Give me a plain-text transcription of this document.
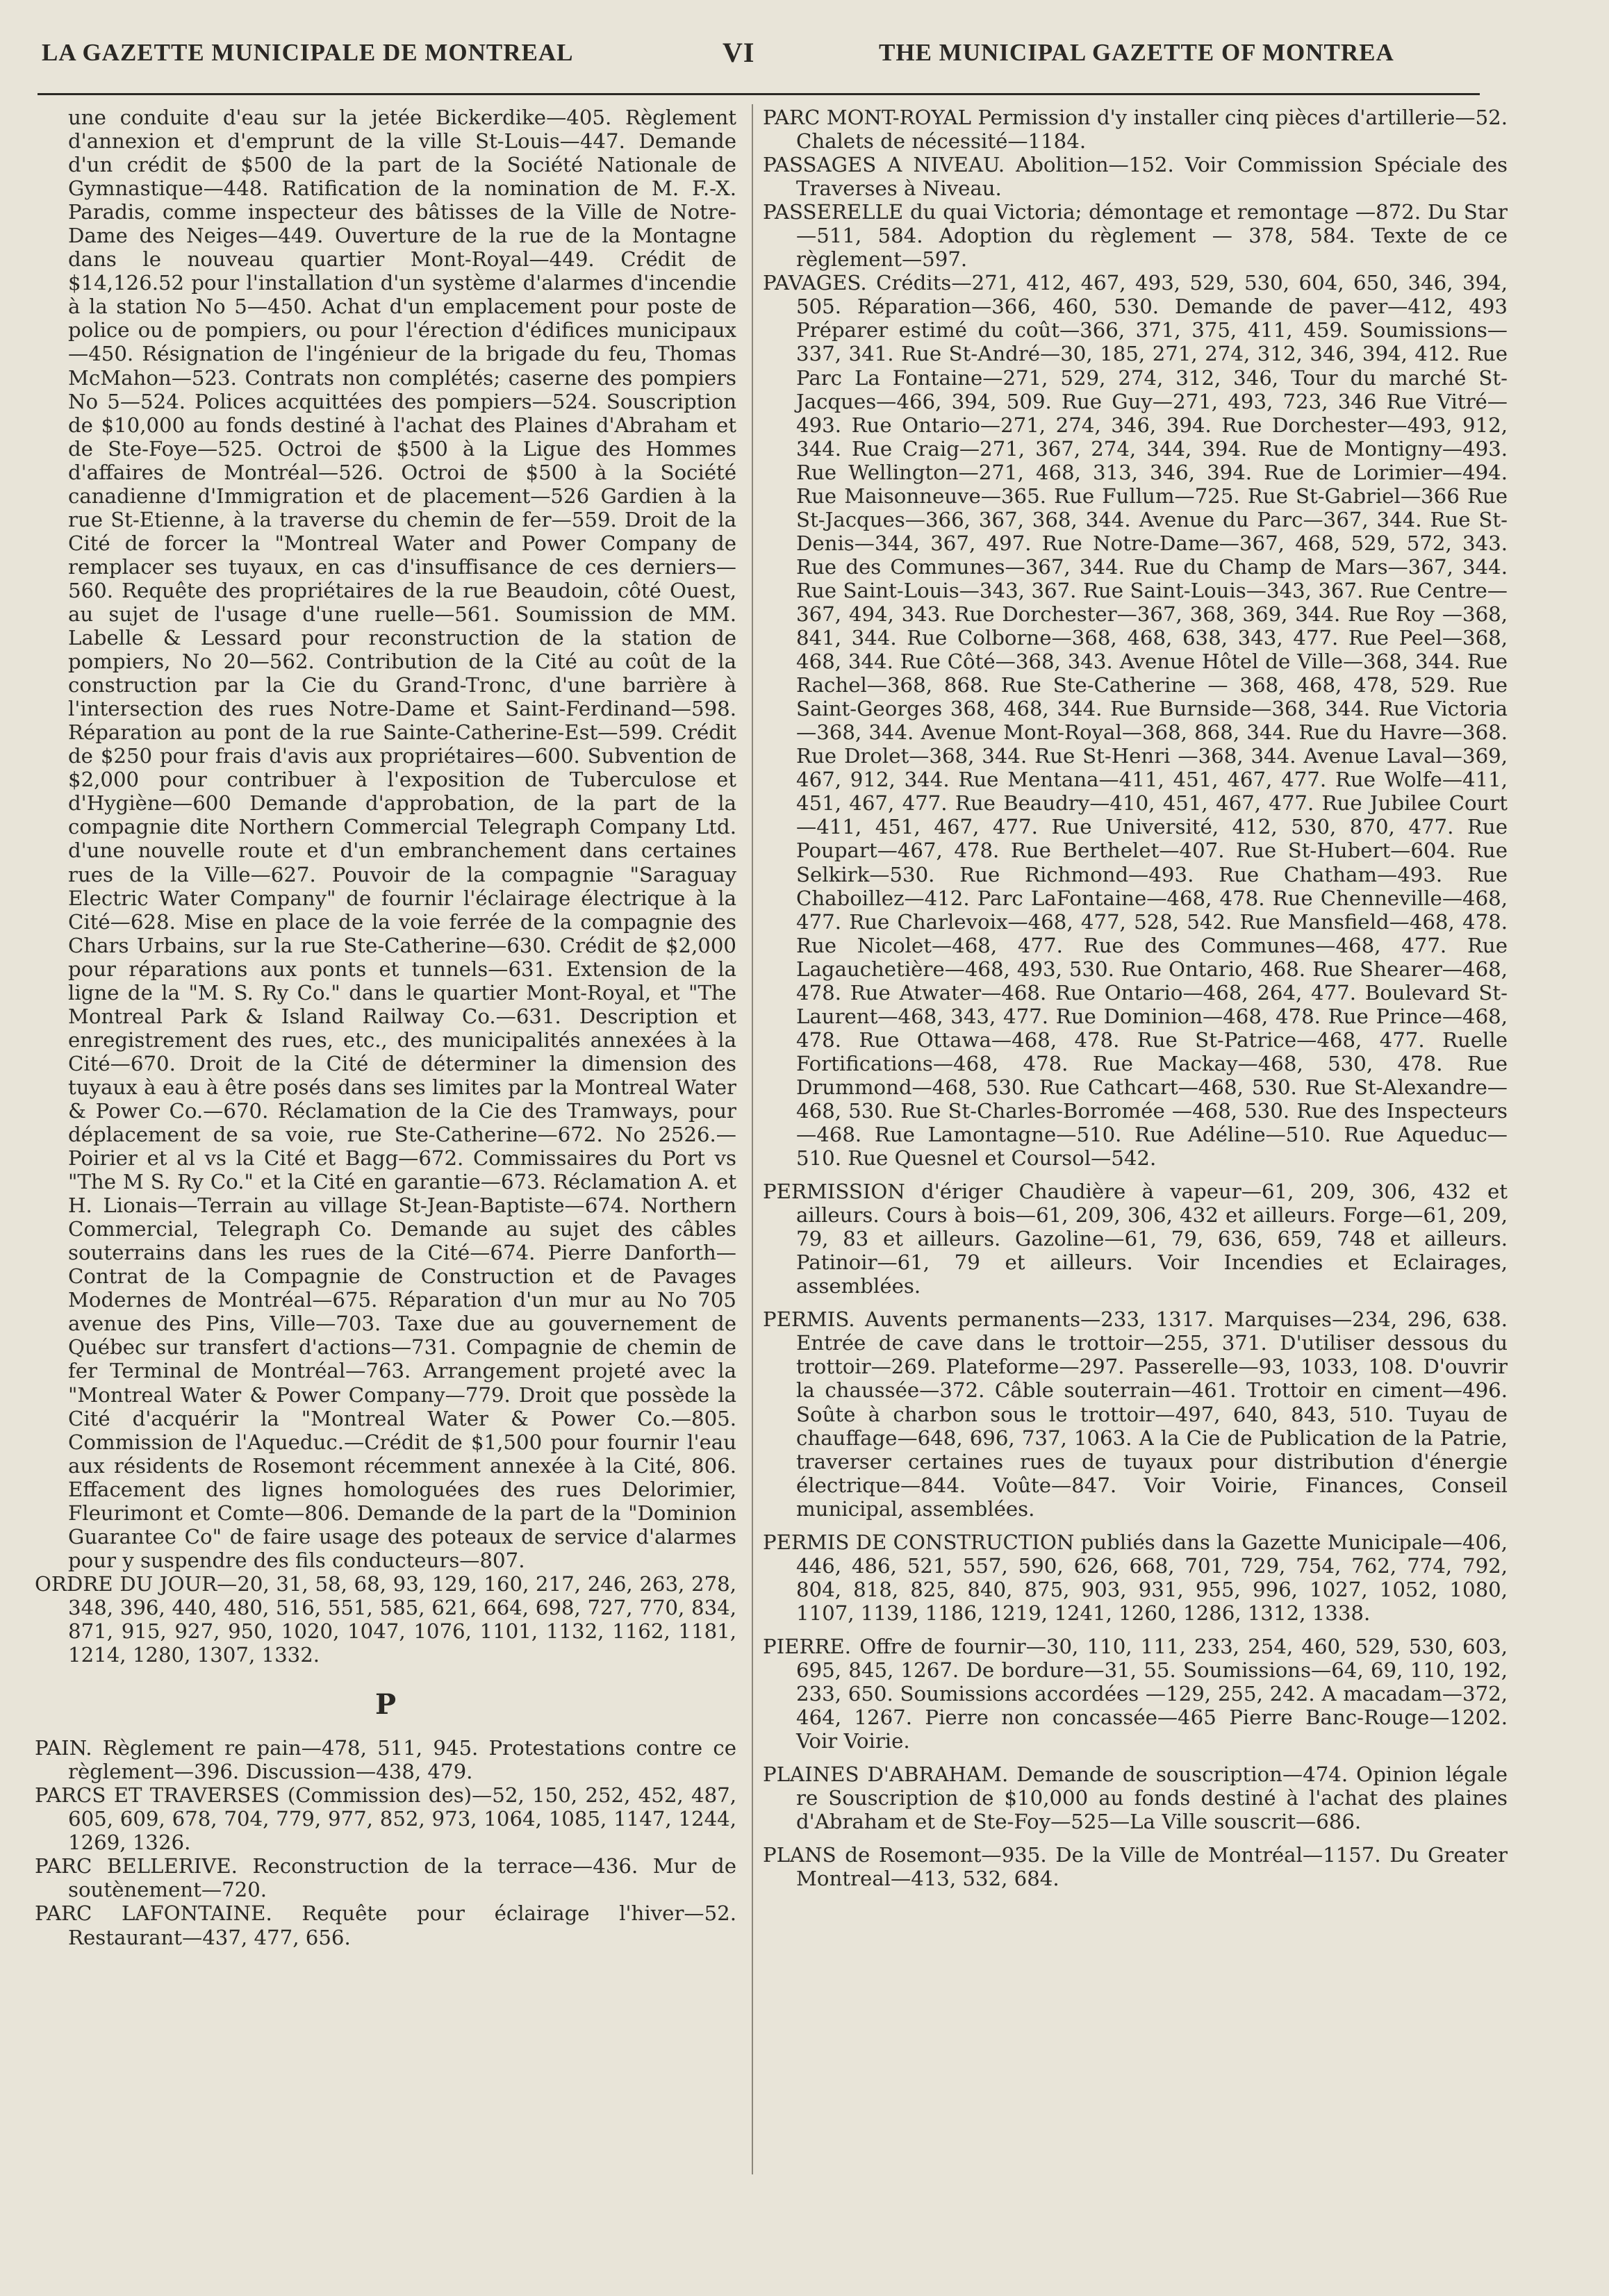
LA GAZETTE MUNICIPALE DE MONTREAL	VI	THE MUNICIPAL GAZETTE OF MONTREA

une conduite d'eau sur la jetée Bickerdike—405. Règlement d'annexion et d'emprunt de la ville St-Louis—447. Demande d'un crédit de $500 de la part de la Société Nationale de Gymnastique—448. Ratification de la nomination de M. F.-X. Paradis, comme inspecteur des bâtisses de la Ville de Notre-Dame des Neiges—449. Ouverture de la rue de la Montagne dans le nouveau quartier Mont-Royal—449. Crédit de $14,126.52 pour l'installation d'un système d'alarmes d'incendie à la station No 5—450. Achat d'un emplacement pour poste de police ou de pompiers, ou pour l'érection d'édifices municipaux—450. Résignation de l'ingénieur de la brigade du feu, Thomas McMahon—523. Contrats non complétés; caserne des pompiers No 5—524. Polices acquittées des pompiers—524. Souscription de $10,000 au fonds destiné à l'achat des Plaines d'Abraham et de Ste-Foye—525. Octroi de $500 à la Ligue des Hommes d'affaires de Montréal—526. Octroi de $500 à la Société canadienne d'Immigration et de placement—526 Gardien à la rue St-Etienne, à la traverse du chemin de fer—559. Droit de la Cité de forcer la "Montreal Water and Power Company de remplacer ses tuyaux, en cas d'insuffisance de ces derniers—560. Requête des propriétaires de la rue Beaudoin, côté Ouest, au sujet de l'usage d'une ruelle—561. Soumission de MM. Labelle & Lessard pour reconstruction de la station de pompiers, No 20—562. Contribution de la Cité au coût de la construction par la Cie du Grand-Tronc, d'une barrière à l'intersection des rues Notre-Dame et Saint-Ferdinand—598. Réparation au pont de la rue Sainte-Catherine-Est—599. Crédit de $250 pour frais d'avis aux propriétaires—600. Subvention de $2,000 pour contribuer à l'exposition de Tuberculose et d'Hygiène—600 Demande d'approbation, de la part de la compagnie dite Northern Commercial Telegraph Company Ltd. d'une nouvelle route et d'un embranchement dans certaines rues de la Ville—627. Pouvoir de la compagnie "Saraguay Electric Water Company" de fournir l'éclairage électrique à la Cité—628. Mise en place de la voie ferrée de la compagnie des Chars Urbains, sur la rue Ste-Catherine—630. Crédit de $2,000 pour réparations aux ponts et tunnels—631. Extension de la ligne de la "M. S. Ry Co." dans le quartier Mont-Royal, et "The Montreal Park & Island Railway Co.—631. Description et enregistrement des rues, etc., des municipalités annexées à la Cité—670. Droit de la Cité de déterminer la dimension des tuyaux à eau à être posés dans ses limites par la Montreal Water & Power Co.—670. Réclamation de la Cie des Tramways, pour déplacement de sa voie, rue Ste-Catherine—672. No 2526.—Poirier et al vs la Cité et Bagg—672. Commissaires du Port vs "The M S. Ry Co." et la Cité en garantie—673. Réclamation A. et H. Lionais—Terrain au village St-Jean-Baptiste—674. Northern Commercial, Telegraph Co. Demande au sujet des câbles souterrains dans les rues de la Cité—674. Pierre Danforth—Contrat de la Compagnie de Construction et de Pavages Modernes de Montréal—675. Réparation d'un mur au No 705 avenue des Pins, Ville—703. Taxe due au gouvernement de Québec sur transfert d'actions—731. Compagnie de chemin de fer Terminal de Montréal—763. Arrangement projeté avec la "Montreal Water & Power Company—779. Droit que possède la Cité d'acquérir la "Montreal Water & Power Co.—805. Commission de l'Aqueduc.—Crédit de $1,500 pour fournir l'eau aux résidents de Rosemont récemment annexée à la Cité, 806. Effacement des lignes homologuées des rues Delorimier, Fleurimont et Comte—806. Demande de la part de la "Dominion Guarantee Co" de faire usage des poteaux de service d'alarmes pour y suspendre des fils conducteurs—807.

ORDRE DU JOUR—20, 31, 58, 68, 93, 129, 160, 217, 246, 263, 278, 348, 396, 440, 480, 516, 551, 585, 621, 664, 698, 727, 770, 834, 871, 915, 927, 950, 1020, 1047, 1076, 1101, 1132, 1162, 1181, 1214, 1280, 1307, 1332.

P

PAIN. Règlement re pain—478, 511, 945. Protestations contre ce règlement—396. Discussion—438, 479.

PARCS ET TRAVERSES (Commission des)—52, 150, 252, 452, 487, 605, 609, 678, 704, 779, 977, 852, 973, 1064, 1085, 1147, 1244, 1269, 1326.

PARC BELLERIVE. Reconstruction de la terrace—436. Mur de soutènement—720.

PARC LAFONTAINE. Requête pour éclairage l'hiver—52. Restaurant—437, 477, 656.

PARC MONT-ROYAL Permission d'y installer cinq pièces d'artillerie—52. Chalets de nécessité—1184.

PASSAGES A NIVEAU. Abolition—152. Voir Commission Spéciale des Traverses à Niveau.

PASSERELLE du quai Victoria; démontage et remontage —872. Du Star—511, 584. Adoption du règlement — 378, 584. Texte de ce règlement—597.

PAVAGES. Crédits—271, 412, 467, 493, 529, 530, 604, 650, 346, 394, 505. Réparation—366, 460, 530. Demande de paver—412, 493 Préparer estimé du coût—366, 371, 375, 411, 459. Soumissions—337, 341. Rue St-André—30, 185, 271, 274, 312, 346, 394, 412. Rue Parc La Fontaine—271, 529, 274, 312, 346, Tour du marché St-Jacques—466, 394, 509. Rue Guy—271, 493, 723, 346 Rue Vitré—493. Rue Ontario—271, 274, 346, 394. Rue Dorchester—493, 912, 344. Rue Craig—271, 367, 274, 344, 394. Rue de Montigny—493. Rue Wellington—271, 468, 313, 346, 394. Rue de Lorimier—494. Rue Maisonneuve—365. Rue Fullum—725. Rue St-Gabriel—366 Rue St-Jacques—366, 367, 368, 344. Avenue du Parc—367, 344. Rue St-Denis—344, 367, 497. Rue Notre-Dame—367, 468, 529, 572, 343. Rue des Communes—367, 344. Rue du Champ de Mars—367, 344. Rue Saint-Louis—343, 367. Rue Saint-Louis—343, 367. Rue Centre—367, 494, 343. Rue Dorchester—367, 368, 369, 344. Rue Roy —368, 841, 344. Rue Colborne—368, 468, 638, 343, 477. Rue Peel—368, 468, 344. Rue Côté—368, 343. Avenue Hôtel de Ville—368, 344. Rue Rachel—368, 868. Rue Ste-Catherine — 368, 468, 478, 529. Rue Saint-Georges 368, 468, 344. Rue Burnside—368, 344. Rue Victoria —368, 344. Avenue Mont-Royal—368, 868, 344. Rue du Havre—368. Rue Drolet—368, 344. Rue St-Henri —368, 344. Avenue Laval—369, 467, 912, 344. Rue Mentana—411, 451, 467, 477. Rue Wolfe—411, 451, 467, 477. Rue Beaudry—410, 451, 467, 477. Rue Jubilee Court—411, 451, 467, 477. Rue Université, 412, 530, 870, 477. Rue Poupart—467, 478. Rue Berthelet—407. Rue St-Hubert—604. Rue Selkirk—530. Rue Richmond—493. Rue Chatham—493. Rue Chaboillez—412. Parc LaFontaine—468, 478. Rue Chenneville—468, 477. Rue Charlevoix—468, 477, 528, 542. Rue Mansfield—468, 478. Rue Nicolet—468, 477. Rue des Communes—468, 477. Rue Lagauchetière—468, 493, 530. Rue Ontario, 468. Rue Shearer—468, 478. Rue Atwater—468. Rue Ontario—468, 264, 477. Boulevard St-Laurent—468, 343, 477. Rue Dominion—468, 478. Rue Prince—468, 478. Rue Ottawa—468, 478. Rue St-Patrice—468, 477. Ruelle Fortifications—468, 478. Rue Mackay—468, 530, 478. Rue Drummond—468, 530. Rue Cathcart—468, 530. Rue St-Alexandre—468, 530. Rue St-Charles-Borromée —468, 530. Rue des Inspecteurs—468. Rue Lamontagne—510. Rue Adéline—510. Rue Aqueduc—510. Rue Quesnel et Coursol—542.

PERMISSION d'ériger Chaudière à vapeur—61, 209, 306, 432 et ailleurs. Cours à bois—61, 209, 306, 432 et ailleurs. Forge—61, 209, 79, 83 et ailleurs. Gazoline—61, 79, 636, 659, 748 et ailleurs. Patinoir—61, 79 et ailleurs. Voir Incendies et Eclairages, assemblées.

PERMIS. Auvents permanents—233, 1317. Marquises—234, 296, 638. Entrée de cave dans le trottoir—255, 371. D'utiliser dessous du trottoir—269. Plateforme—297. Passerelle—93, 1033, 108. D'ouvrir la chaussée—372. Câble souterrain—461. Trottoir en ciment—496. Soûte à charbon sous le trottoir—497, 640, 843, 510. Tuyau de chauffage—648, 696, 737, 1063. A la Cie de Publication de la Patrie, traverser certaines rues de tuyaux pour distribution d'énergie électrique—844. Voûte—847. Voir Voirie, Finances, Conseil municipal, assemblées.

PERMIS DE CONSTRUCTION publiés dans la Gazette Municipale—406, 446, 486, 521, 557, 590, 626, 668, 701, 729, 754, 762, 774, 792, 804, 818, 825, 840, 875, 903, 931, 955, 996, 1027, 1052, 1080, 1107, 1139, 1186, 1219, 1241, 1260, 1286, 1312, 1338.

PIERRE. Offre de fournir—30, 110, 111, 233, 254, 460, 529, 530, 603, 695, 845, 1267. De bordure—31, 55. Soumissions—64, 69, 110, 192, 233, 650. Soumissions accordées —129, 255, 242. A macadam—372, 464, 1267. Pierre non concassée—465 Pierre Banc-Rouge—1202. Voir Voirie.

PLAINES D'ABRAHAM. Demande de souscription—474. Opinion légale re Souscription de $10,000 au fonds destiné à l'achat des plaines d'Abraham et de Ste-Foy—525—La Ville souscrit—686.

PLANS de Rosemont—935. De la Ville de Montréal—1157. Du Greater Montreal—413, 532, 684.
